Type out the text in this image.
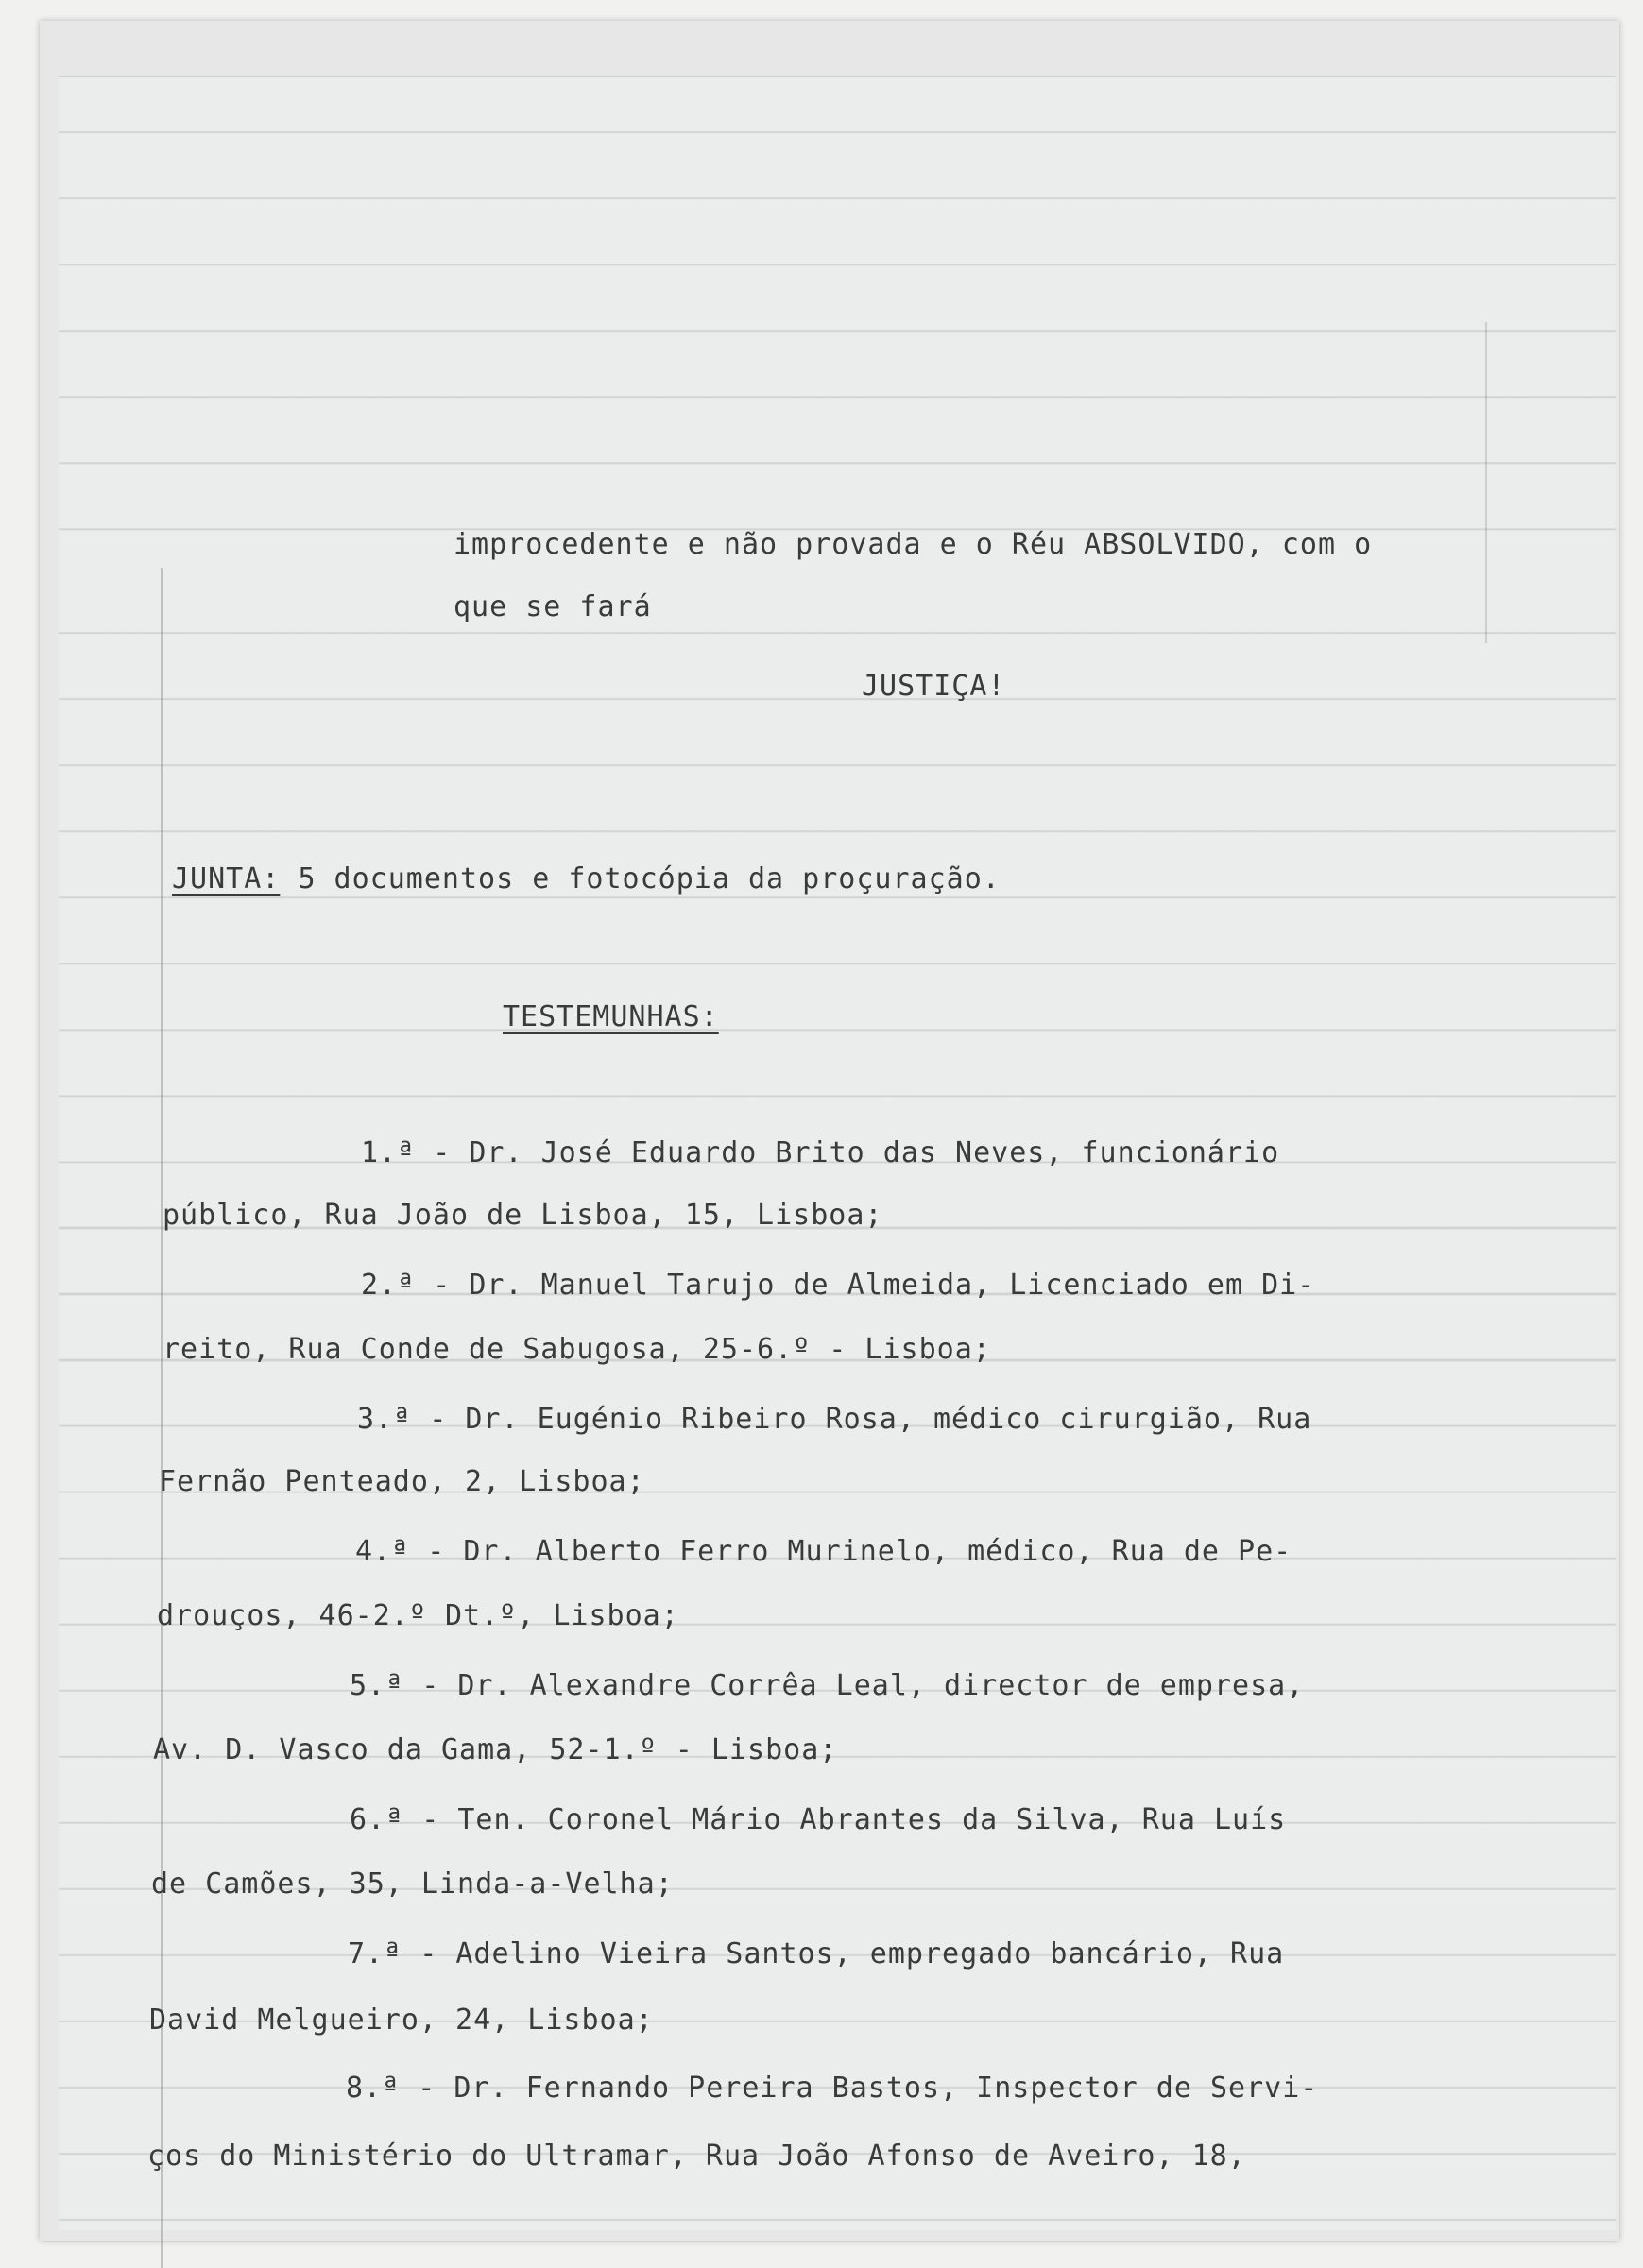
improcedente e não provada e o Réu ABSOLVIDO, com o
que se fará
JUSTIÇA!
JUNTA: 5 documentos e fotocópia da proçuração.
TESTEMUNHAS:
1.ª - Dr. José Eduardo Brito das Neves, funcionário
público, Rua João de Lisboa, 15, Lisboa;
2.ª - Dr. Manuel Tarujo de Almeida, Licenciado em Di-
reito, Rua Conde de Sabugosa, 25-6.º - Lisboa;
3.ª - Dr. Eugénio Ribeiro Rosa, médico cirurgião, Rua
Fernão Penteado, 2, Lisboa;
4.ª - Dr. Alberto Ferro Murinelo, médico, Rua de Pe-
drouços, 46-2.º Dt.º, Lisboa;
5.ª - Dr. Alexandre Corrêa Leal, director de empresa,
Av. D. Vasco da Gama, 52-1.º - Lisboa;
6.ª - Ten. Coronel Mário Abrantes da Silva, Rua Luís
de Camões, 35, Linda-a-Velha;
7.ª - Adelino Vieira Santos, empregado bancário, Rua
David Melgueiro, 24, Lisboa;
8.ª - Dr. Fernando Pereira Bastos, Inspector de Servi-
ços do Ministério do Ultramar, Rua João Afonso de Aveiro, 18,
